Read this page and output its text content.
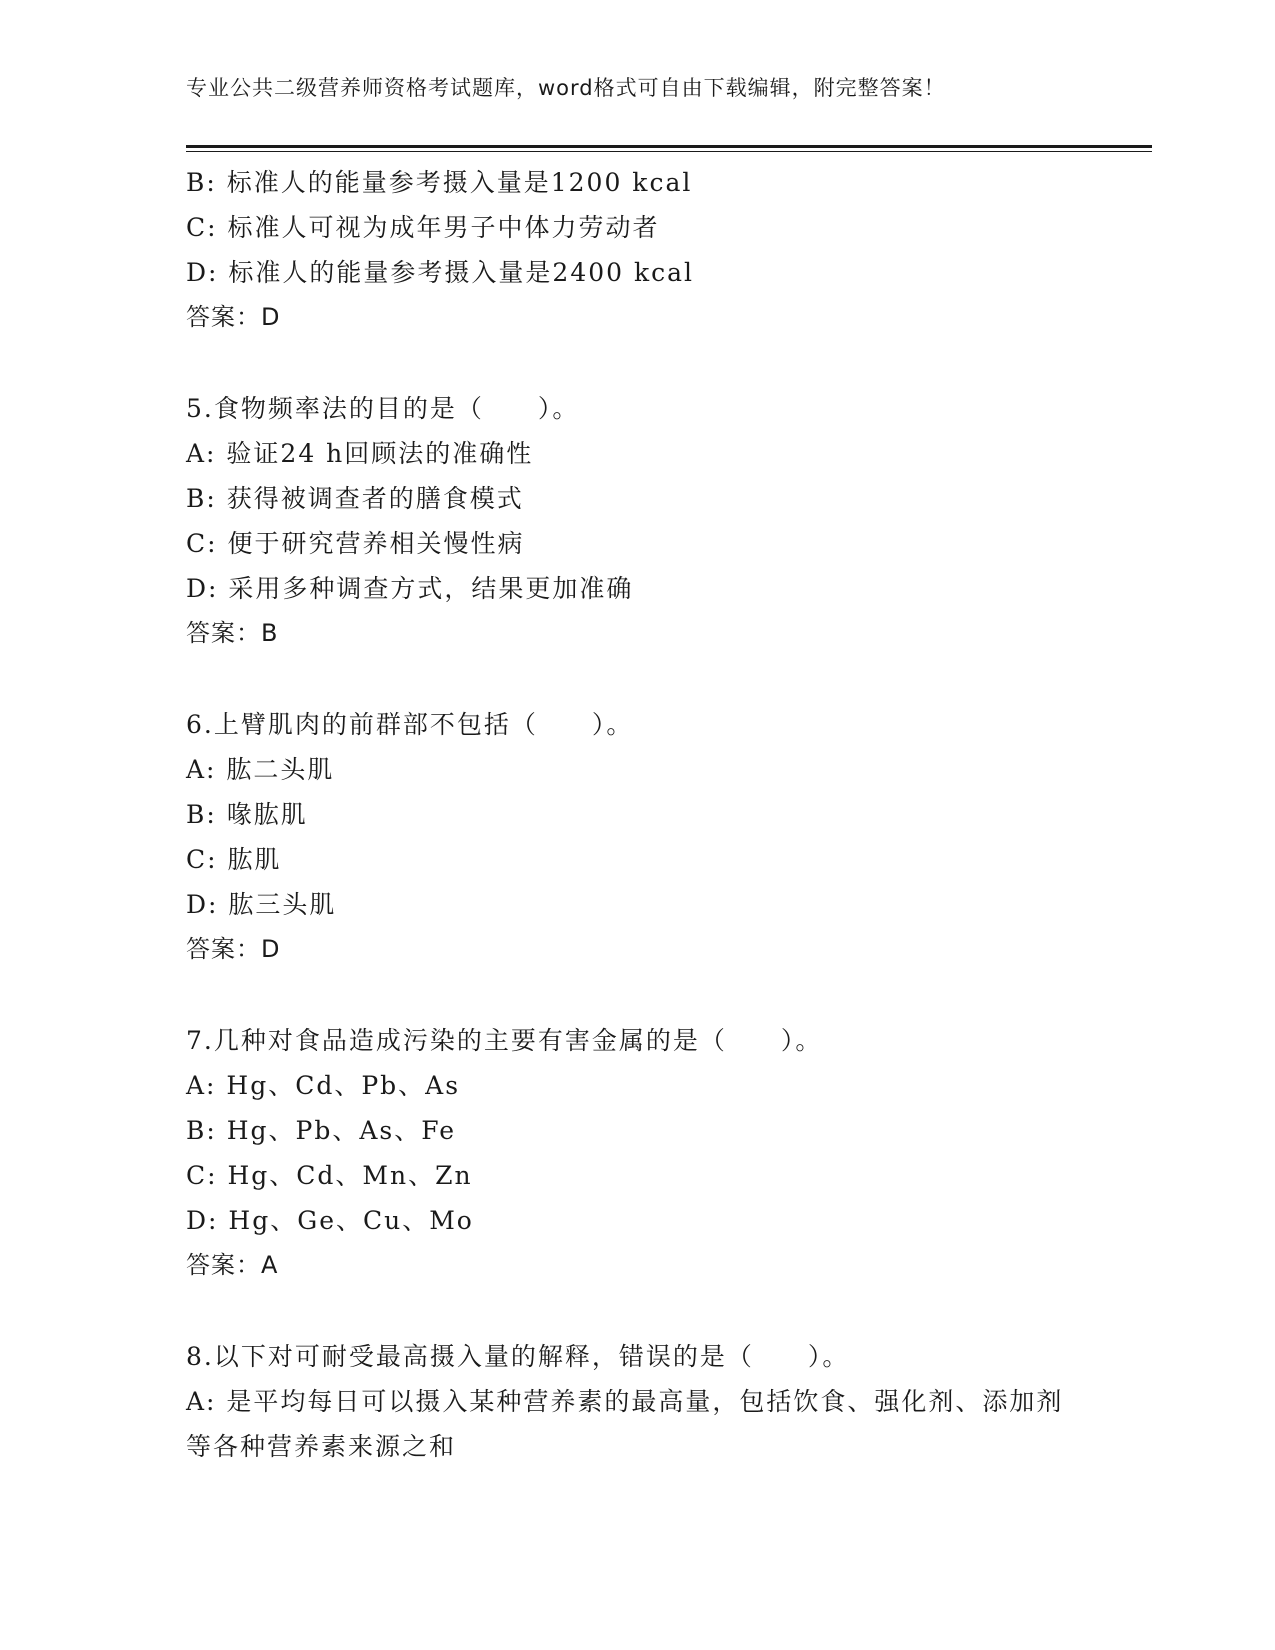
专业公共二级营养师资格考试题库，word格式可自由下载编辑，附完整答案！
B: 标准人的能量参考摄入量是1200 kcal
C: 标准人可视为成年男子中体力劳动者
D: 标准人的能量参考摄入量是2400 kcal
答案：D
5.食物频率法的目的是（　　）。
A: 验证24 h回顾法的准确性
B: 获得被调查者的膳食模式
C: 便于研究营养相关慢性病
D: 采用多种调查方式，结果更加准确
答案：B
6.上臂肌肉的前群部不包括（　　）。
A: 肱二头肌
B: 喙肱肌
C: 肱肌
D: 肱三头肌
答案：D
7.几种对食品造成污染的主要有害金属的是（　　）。
A: Hg、Cd、Pb、As
B: Hg、Pb、As、Fe
C: Hg、Cd、Mn、Zn
D: Hg、Ge、Cu、Mo
答案：A
8.以下对可耐受最高摄入量的解释，错误的是（　　）。
A: 是平均每日可以摄入某种营养素的最高量，包括饮食、强化剂、添加剂等各种营养素来源之和
